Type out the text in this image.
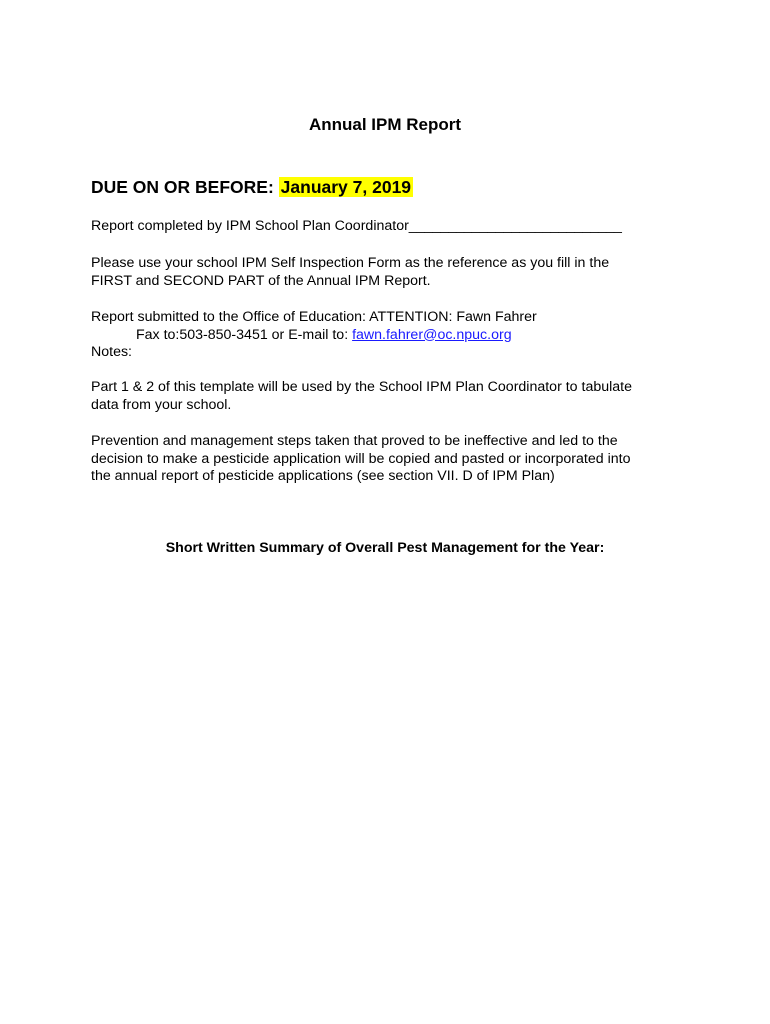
Annual IPM Report
DUE ON OR BEFORE: January 7, 2019
Report completed by IPM School Plan Coordinator___________________________
Please use your school IPM Self Inspection Form as the reference as you fill in the
FIRST and SECOND PART of the Annual IPM Report.
Report submitted to the Office of Education: ATTENTION: Fawn Fahrer
Fax to:503-850-3451 or E-mail to: fawn.fahrer@oc.npuc.org
Notes:
Part 1 & 2 of this template will be used by the School IPM Plan Coordinator to tabulate
data from your school.
Prevention and management steps taken that proved to be ineffective and led to the
decision to make a pesticide application will be copied and pasted or incorporated into
the annual report of pesticide applications (see section VII. D of IPM Plan)
Short Written Summary of Overall Pest Management for the Year:
